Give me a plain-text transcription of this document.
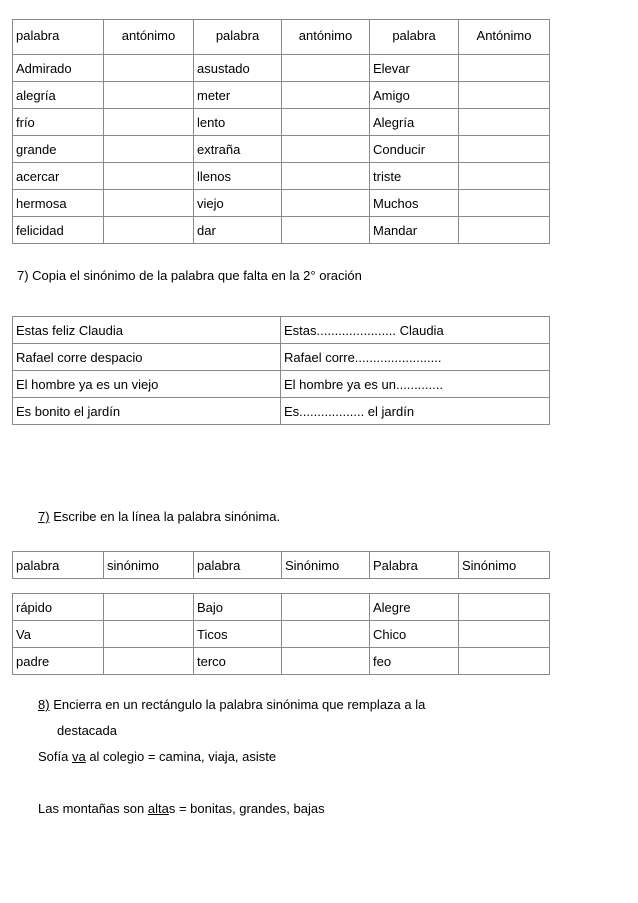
palabra	antónimo	palabra	antónimo	palabra	Antónimo
Admirado		asustado		Elevar	
alegría		meter		Amigo	
frío		lento		Alegría	
grande		extraña		Conducir	
acercar		llenos		triste	
hermosa		viejo		Muchos	
felicidad		dar		Mandar	
7) Copia el sinónimo de la palabra que falta en la 2° oración
Estas feliz Claudia	Estas...................... Claudia
Rafael corre despacio	Rafael corre........................
El hombre ya es un viejo	El hombre ya es un.............
Es bonito el jardín	Es.................. el jardín
7) Escribe en la línea la palabra sinónima.
palabra	sinónimo	palabra	Sinónimo	Palabra	Sinónimo
rápido		Bajo		Alegre	
Va		Ticos		Chico	
padre		terco		feo	
8) Encierra en un rectángulo la palabra sinónima que remplaza a la
destacada
Sofía va al colegio = camina, viaja, asiste
Las montañas son altas = bonitas, grandes, bajas
